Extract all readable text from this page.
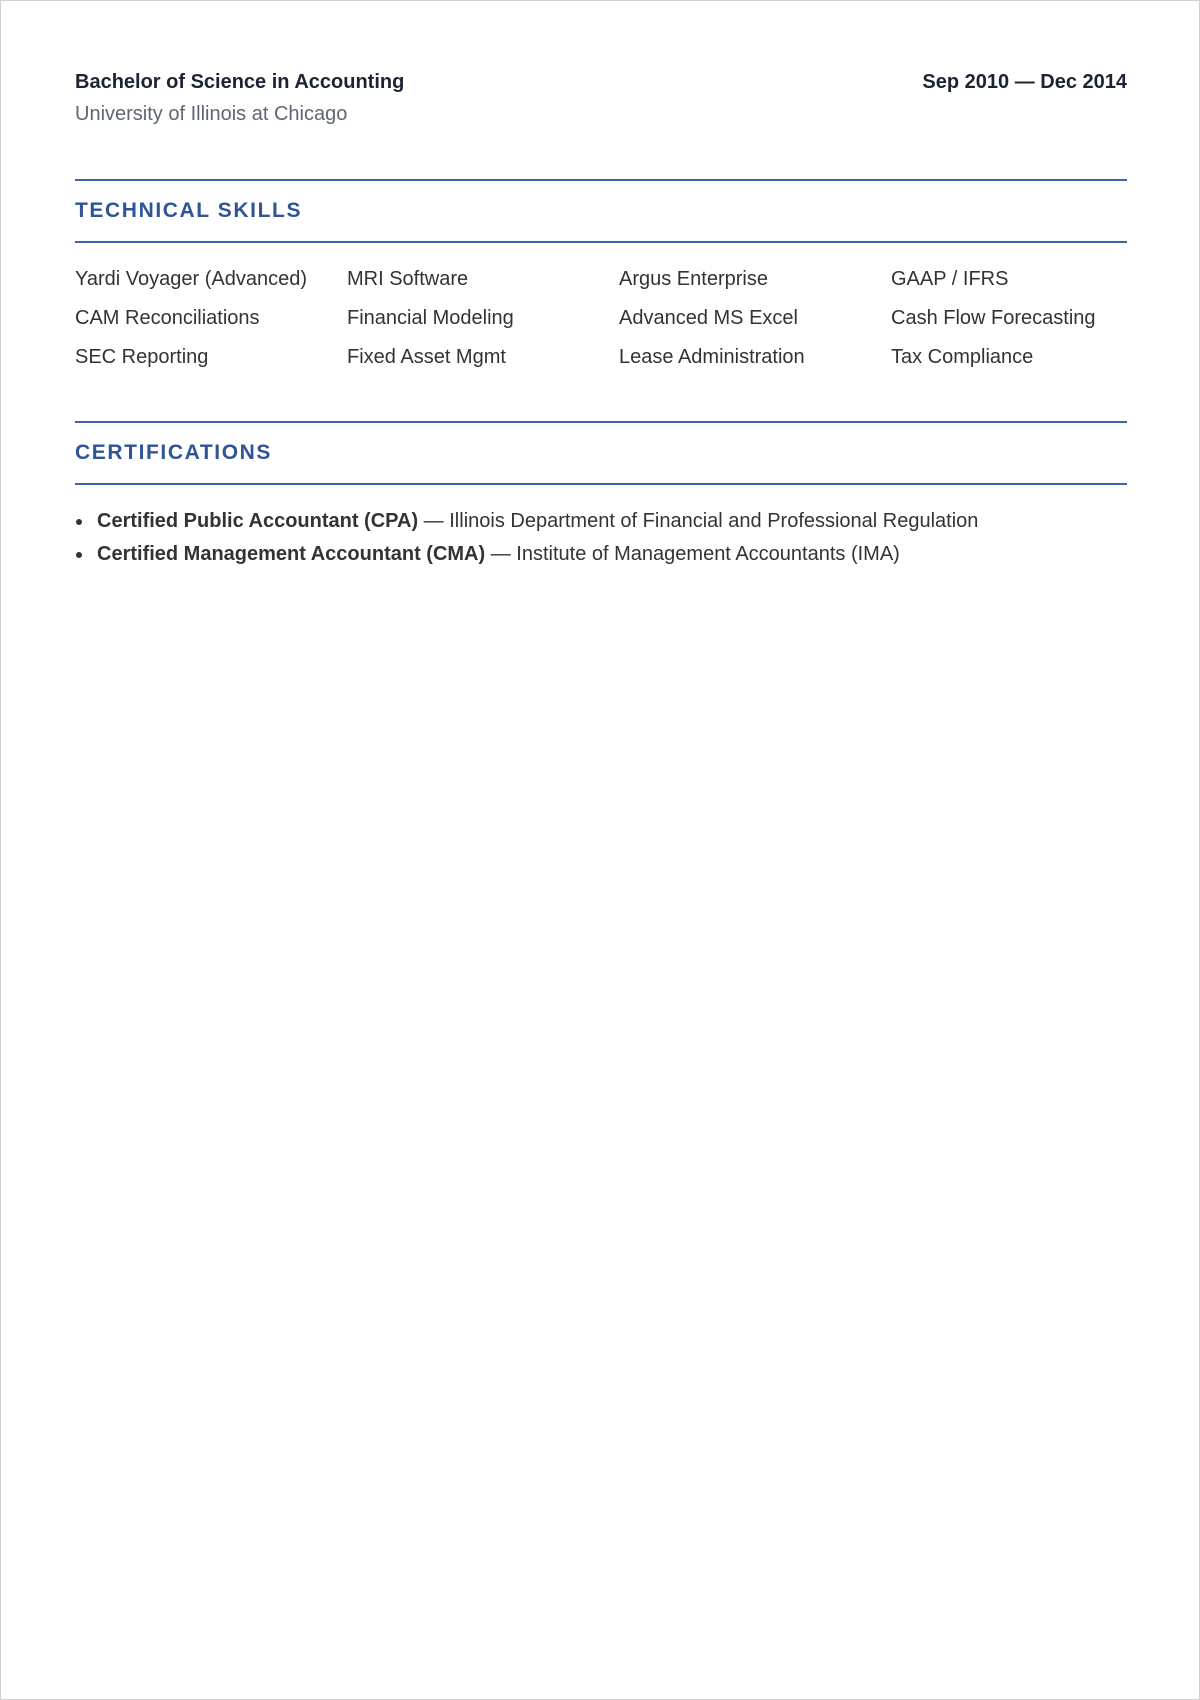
Bachelor of Science in Accounting	Sep 2010 — Dec 2014
University of Illinois at Chicago
TECHNICAL SKILLS
Yardi Voyager (Advanced)	MRI Software	Argus Enterprise	GAAP / IFRS
CAM Reconciliations	Financial Modeling	Advanced MS Excel	Cash Flow Forecasting
SEC Reporting	Fixed Asset Mgmt	Lease Administration	Tax Compliance
CERTIFICATIONS
Certified Public Accountant (CPA) — Illinois Department of Financial and Professional Regulation
Certified Management Accountant (CMA) — Institute of Management Accountants (IMA)
